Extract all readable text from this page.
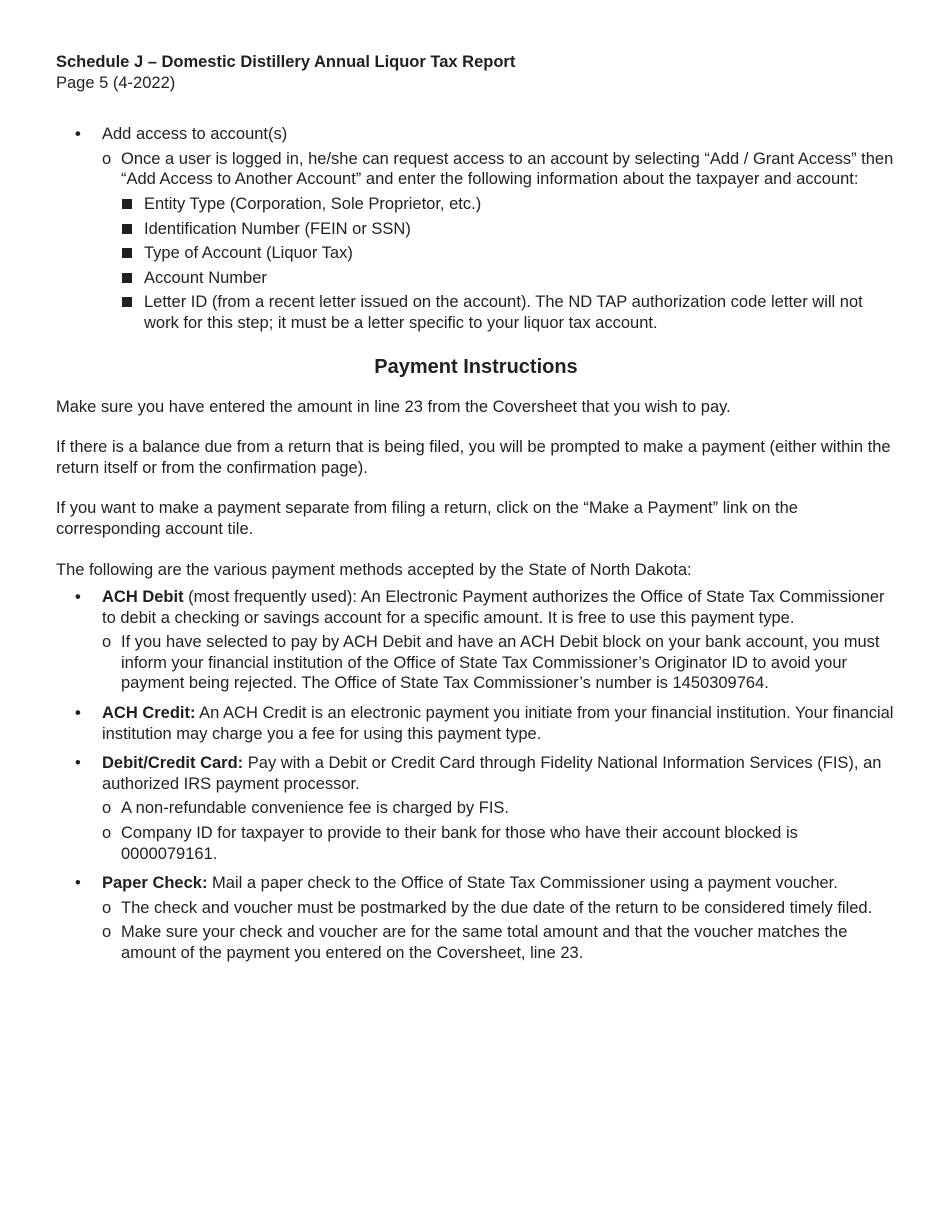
Schedule J – Domestic Distillery Annual Liquor Tax Report

Page 5 (4-2022)

• Add access to account(s)

o Once a user is logged in, he/she can request access to an account by selecting “Add / Grant Access” then “Add Access to Another Account” and enter the following information about the taxpayer and account:

Entity Type (Corporation, Sole Proprietor, etc.)

Identification Number (FEIN or SSN)

Type of Account (Liquor Tax)

Account Number

Letter ID (from a recent letter issued on the account). The ND TAP authorization code letter will not work for this step; it must be a letter specific to your liquor tax account.

Payment Instructions

Make sure you have entered the amount in line 23 from the Coversheet that you wish to pay.

If there is a balance due from a return that is being filed, you will be prompted to make a payment (either within the return itself or from the confirmation page).

If you want to make a payment separate from filing a return, click on the “Make a Payment” link on the corresponding account tile.

The following are the various payment methods accepted by the State of North Dakota:

• ACH Debit (most frequently used): An Electronic Payment authorizes the Office of State Tax Commissioner to debit a checking or savings account for a specific amount. It is free to use this payment type.

o If you have selected to pay by ACH Debit and have an ACH Debit block on your bank account, you must inform your financial institution of the Office of State Tax Commissioner’s Originator ID to avoid your payment being rejected. The Office of State Tax Commissioner’s number is 1450309764.

• ACH Credit: An ACH Credit is an electronic payment you initiate from your financial institution. Your financial institution may charge you a fee for using this payment type.

• Debit/Credit Card: Pay with a Debit or Credit Card through Fidelity National Information Services (FIS), an authorized IRS payment processor.

o A non-refundable convenience fee is charged by FIS.

o Company ID for taxpayer to provide to their bank for those who have their account blocked is 0000079161.

• Paper Check: Mail a paper check to the Office of State Tax Commissioner using a payment voucher.

o The check and voucher must be postmarked by the due date of the return to be considered timely filed.

o Make sure your check and voucher are for the same total amount and that the voucher matches the amount of the payment you entered on the Coversheet, line 23.
